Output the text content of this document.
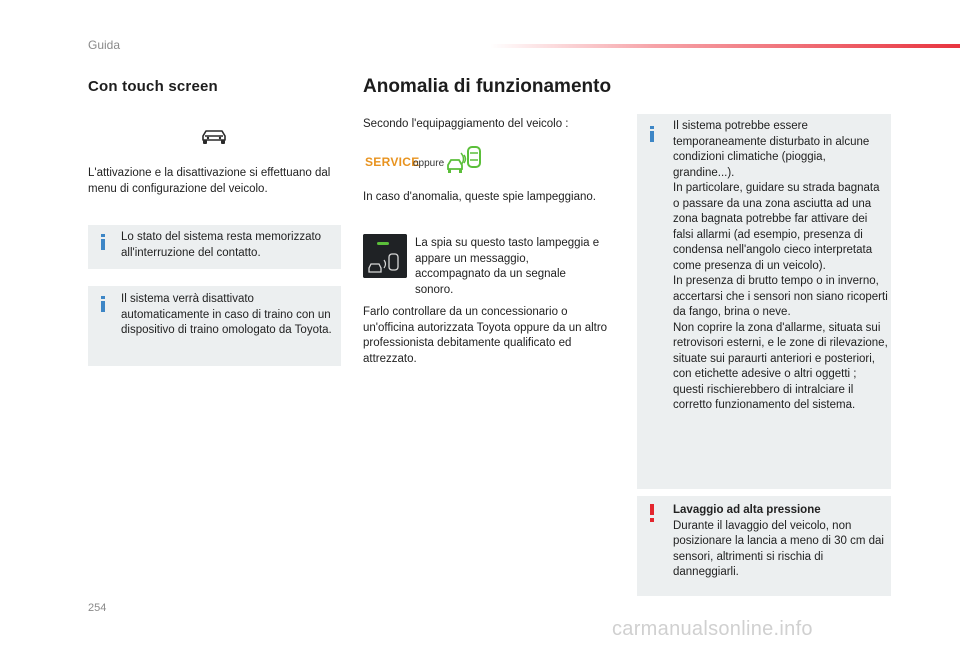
Guida
Con touch screen
L'attivazione e la disattivazione si effettuano dal menu di configurazione del veicolo.
Lo stato del sistema resta memorizzato all'interruzione del contatto.
Il sistema verrà disattivato automaticamente in caso di traino con un dispositivo di traino omologato da Toyota.
Anomalia di funzionamento
Secondo l'equipaggiamento del veicolo :
SERVICE
oppure
In caso d'anomalia, queste spie lampeggiano.
La spia su questo tasto lampeggia e appare un messaggio, accompagnato da un segnale sonoro.
Farlo controllare da un concessionario o un'officina autorizzata Toyota oppure da un altro professionista debitamente qualificato ed attrezzato.
Il sistema potrebbe essere temporaneamente disturbato in alcune condizioni climatiche (pioggia, grandine...).
In particolare, guidare su strada bagnata o passare da una zona asciutta ad una zona bagnata potrebbe far attivare dei falsi allarmi (ad esempio, presenza di condensa nell'angolo cieco interpretata come presenza di un veicolo).
In presenza di brutto tempo o in inverno, accertarsi che i sensori non siano ricoperti da fango, brina o neve.
Non coprire la zona d'allarme, situata sui retrovisori esterni, e le zone di rilevazione, situate sui paraurti anteriori e posteriori, con etichette adesive o altri oggetti ; questi rischierebbero di intralciare il corretto funzionamento del sistema.
Lavaggio ad alta pressione
Durante il lavaggio del veicolo, non posizionare la lancia a meno di 30 cm dai sensori, altrimenti si rischia di danneggiarli.
254
carmanualsonline.info
